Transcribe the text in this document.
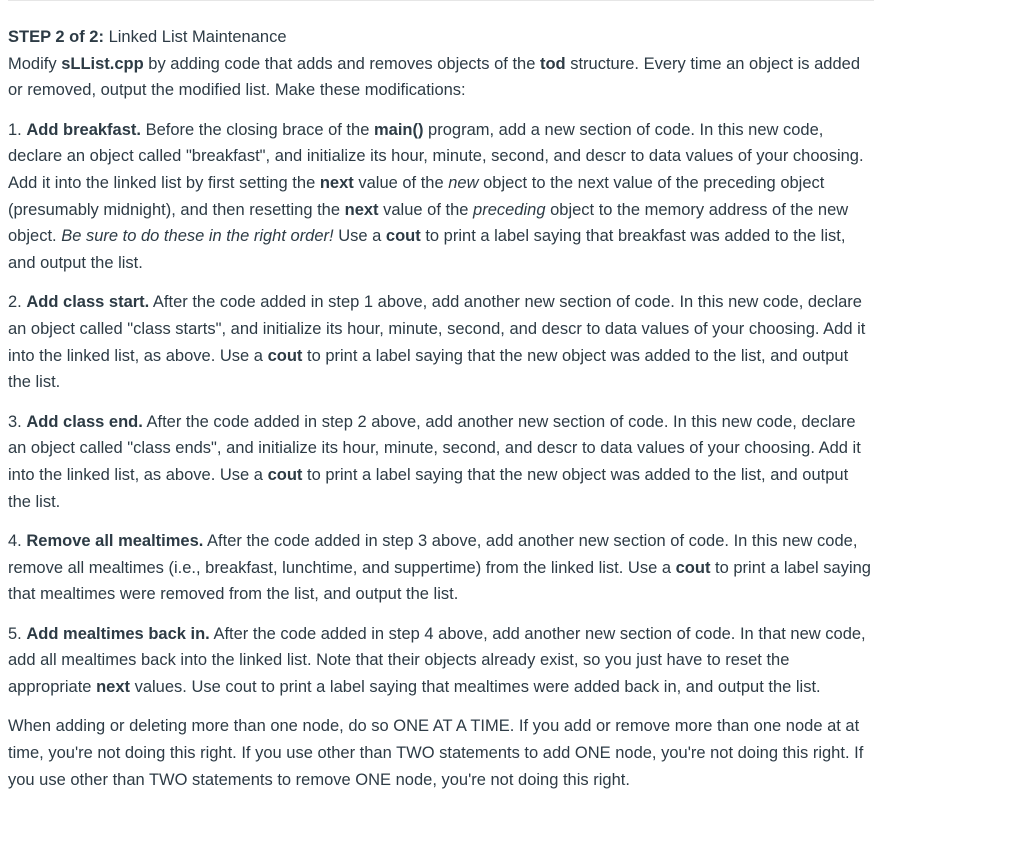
STEP 2 of 2: Linked List Maintenance

Modify sLList.cpp by adding code that adds and removes objects of the tod structure. Every time an object is added or removed, output the modified list. Make these modifications:

1. Add breakfast. Before the closing brace of the main() program, add a new section of code. In this new code, declare an object called "breakfast", and initialize its hour, minute, second, and descr to data values of your choosing. Add it into the linked list by first setting the next value of the new object to the next value of the preceding object (presumably midnight), and then resetting the next value of the preceding object to the memory address of the new object. Be sure to do these in the right order! Use a cout to print a label saying that breakfast was added to the list, and output the list.

2. Add class start. After the code added in step 1 above, add another new section of code. In this new code, declare an object called "class starts", and initialize its hour, minute, second, and descr to data values of your choosing. Add it into the linked list, as above. Use a cout to print a label saying that the new object was added to the list, and output the list.

3. Add class end. After the code added in step 2 above, add another new section of code. In this new code, declare an object called "class ends", and initialize its hour, minute, second, and descr to data values of your choosing. Add it into the linked list, as above. Use a cout to print a label saying that the new object was added to the list, and output the list.

4. Remove all mealtimes. After the code added in step 3 above, add another new section of code. In this new code, remove all mealtimes (i.e., breakfast, lunchtime, and suppertime) from the linked list. Use a cout to print a label saying that mealtimes were removed from the list, and output the list.

5. Add mealtimes back in. After the code added in step 4 above, add another new section of code. In that new code, add all mealtimes back into the linked list. Note that their objects already exist, so you just have to reset the appropriate next values. Use cout to print a label saying that mealtimes were added back in, and output the list.

When adding or deleting more than one node, do so ONE AT A TIME. If you add or remove more than one node at at time, you're not doing this right. If you use other than TWO statements to add ONE node, you're not doing this right. If you use other than TWO statements to remove ONE node, you're not doing this right.
